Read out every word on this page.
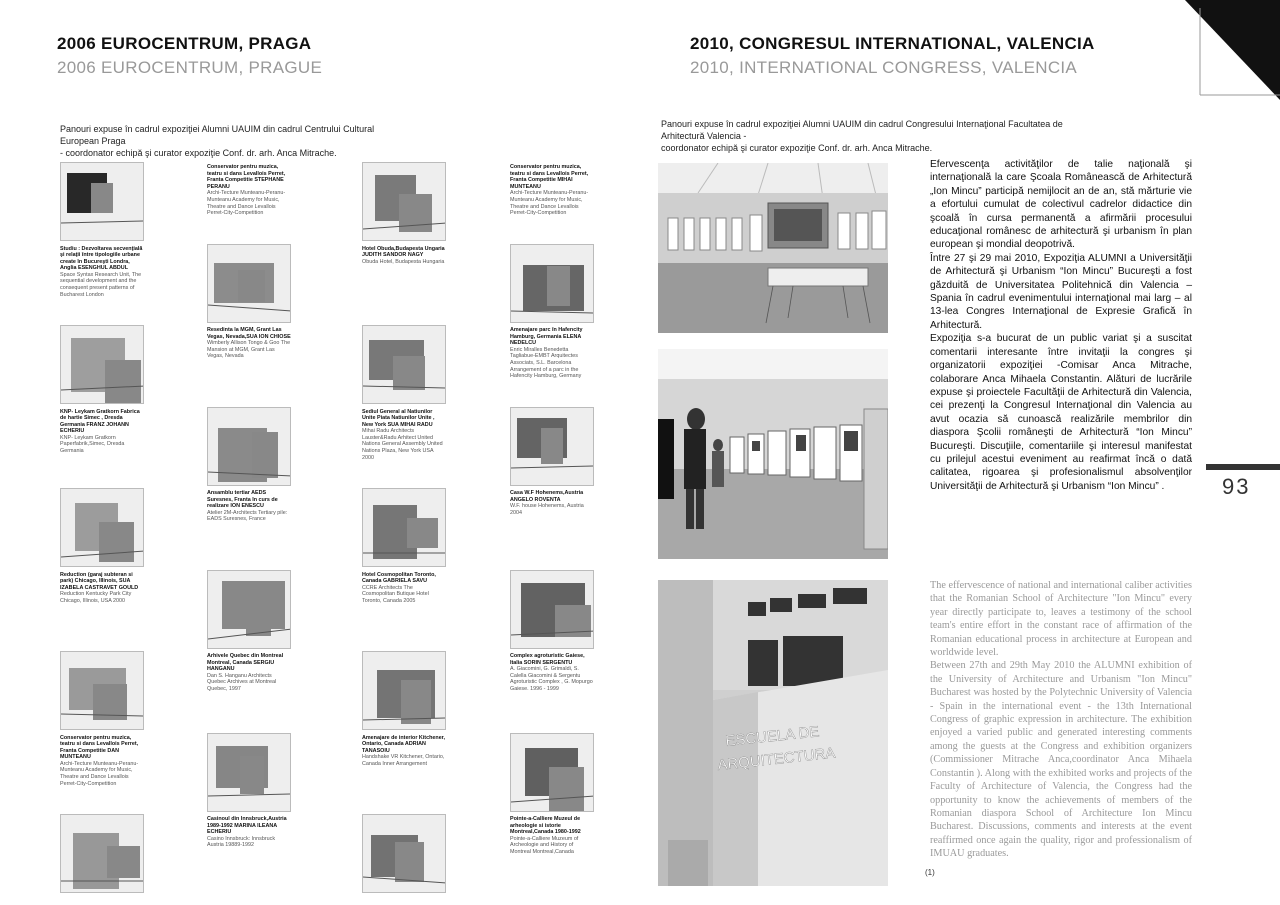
2006 EUROCENTRUM, PRAGA
2006 EUROCENTRUM, PRAGUE
Panouri expuse în cadrul expoziţiei Alumni UAUIM din cadrul Centrului Cultural European Praga
- coordonator echipă şi curator expoziţie Conf. dr. arh. Anca Mitrache.
Studiu : Dezvoltarea secvenţială şi relaţii între tipologiile urbane create în Bucureşti Londra, Anglia ESENGHUL ABDUL
Space Syntax Research Unit, The sequential development and the consequent present patterns of Bucharest London
KNP- Leykam Gratkorn Fabrica de hartie Simec , Dresda Germania FRANZ JOHANN ECHERIU
KNP- Leykam Gratkorn Paperfabrik,Simec, Dresda Germania
Reduction (garaj subteran si park) Chicago, Illinois, SUA IZABELA CASTRAVET GOULD
Reduction Kentucky Park City Chicago, Illinois, USA 2000
Conservator pentru muzica, teatru si dans Levallois Perret, Franta Competitie DAN MUNTEANU
Archi-Tecture Munteanu-Peranu-Munteanu Academy for Music, Theatre and Dance Levallois Perret-City-Competition
Conservator pentru muzica, teatru si dans Levallois Perret, Franta Competitie STEPHANE PERANU
Archi-Tecture Munteanu-Peranu-Munteanu Academy for Music, Theatre and Dance Levallois Perret-City-Competition
Resedinta la MGM, Grant Las Vegas, Nevada,SUA ION CHIOSE
Wimberly Allison Tongo & Goo The Mansion at MGM, Grant Las Vegas, Nevada
Ansamblu tertiar AEDS Suresnes, Franta In curs de realizare ION ENESCU
Atelier 2M-Architects Tertiary pile: EADS Suresnes, France
Arhivele Quebec din Montreal Montreal, Canada SERGIU HANGANU
Dan S. Hanganu Architects Quebec Archives at Montreal Quebec, 1997
Casinoul din Innsbruck,Austria 1989-1992 MARINA ILEANA ECHERIU
Casino Innsbruck: Innsbruck Austria 19889-1992
Hotel Obuda,Budapesta Ungaria JUDITH SANDOR NAGY
Obuda Hotel, Budapesta Hungaria
Sediul General al Natiunilor Unite Piata Natiunilor Unite , New York SUA MIHAI RADU
Mihai Radu Architects Lauster&Radu Arhitect United Nations General Assembly United Nations Plaza, New York USA 2000
Hotel Cosmopolitan Toronto, Canada GABRIELA SAVU
CCRE Architects The Cosmopolitan Butique Hotel Toronto, Canada 2005
Amenajare de interior Kitchener, Ontario, Canada ADRIAN TANASOIU
Handshake VR Kitchener, Ontario, Canada Inner Arrangement
Conservator pentru muzica, teatru si dans Levallois Perret, Franta Competitie MIHAI MUNTEANU
Archi-Tecture Munteanu-Peranu-Munteanu Academy for Music, Theatre and Dance Levallois Perret-City-Competition
Amenajare parc în Hafencity Hamburg, Germania ELENA NEDELCU
Enric Miralles Benedetta Tagliabue-EMBT Arquitectes Associats, S.L. Barcelona Arrangement of a parc in the Hafencity Hamburg, Germany
Casa W.F Hohenems,Austria ANGELO ROVENTA
W.F. house Hohenems, Austria 2004
Complex agroturistic Gaiese, Italia SORIN SERGENTU
A. Giacomini, G. Grimaldi, S. Calella Giacomini & Sergentu Agroturistic Complex , G. Mopurgo Gaiese. 1996 - 1999
Pointe-a-Calliere Muzeul de arheologie si istorie Montreal,Canada 1980-1992
Pointe-a-Calliere Muzeum of Archeologie and History of Montreal Montreal,Canada
2010, CONGRESUL INTERNATIONAL, VALENCIA
2010, INTERNATIONAL CONGRESS, VALENCIA
Panouri expuse în cadrul expoziţiei Alumni UAUIM din cadrul Congresului Internaţional Facultatea de Arhitectură Valencia -
coordonator echipă şi curator expoziţie Conf. dr. arh. Anca Mitrache.
ESCUELA DE
ARQUITECTURA

Efervescenţa activităţilor de talie naţională şi internaţională la care Şcoala Românească de Arhitectură „Ion Mincu” participă nemijlocit an de an, stă mărturie vie a efortului cumulat de colectivul cadrelor didactice din şcoală în cursa permanentă a afirmării procesului educaţional românesc de arhitectură şi urbanism în plan european şi mondial deopotrivă.

Între 27 şi 29 mai 2010, Expoziţia ALUMNI a Universităţii de Arhitectură şi Urbanism “Ion Mincu” Bucureşti a fost găzduită de Universitatea Politehnică din Valencia – Spania în cadrul evenimentului internaţional mai larg – al 13-lea Congres Internaţional de Expresie Grafică în Arhitectură.

Expoziţia s-a bucurat de un public variat şi a suscitat comentarii interesante între invitaţii la congres şi organizatorii expoziţiei -Comisar Anca Mitrache, colaborare Anca Mihaela Constantin. Alături de lucrările expuse şi proiectele Facultăţii de Arhitectură din Valencia, cei prezenţi la Congresul Internaţional din Valencia au avut ocazia să cunoască realizările membrilor din diaspora Şcolii româneşti de Arhitectură “Ion Mincu” Bucureşti. Discuţiile, comentariile şi interesul manifestat cu prilejul acestui eveniment au reafirmat încă o dată calitatea, rigoarea şi profesionalismul absolvenţilor Universităţii de Arhitectură şi Urbanism “Ion Mincu” .	93

The effervescence of national and international caliber activities that the Romanian School of Architecture "Ion Mincu" every year directly participate to, leaves a testimony of the school team's entire effort in the constant race of affirmation of the Romanian educational process in architecture at European and worldwide level.

Between 27th and 29th May 2010 the ALUMNI exhibition of the University of Architecture and Urbanism "Ion Mincu" Bucharest was hosted by the Polytechnic University of Valencia - Spain in the international event - the 13th International Congress of graphic expression in architecture. The exhibition enjoyed a varied public and generated interesting comments among the guests at the Congress and exhibition organizers (Commissioner Mitrache Anca,coordinator Anca Mihaela Constantin ). Along with the exhibited works and projects of the Faculty of Architecture of Valencia, the Congress had the opportunity to know the achievements of members of the Romanian diaspora School of Architecture Ion Mincu Bucharest. Discussions, comments and interests at the event reaffirmed once again the quality, rigor and professionalism of IMUAU graduates.

(1)
